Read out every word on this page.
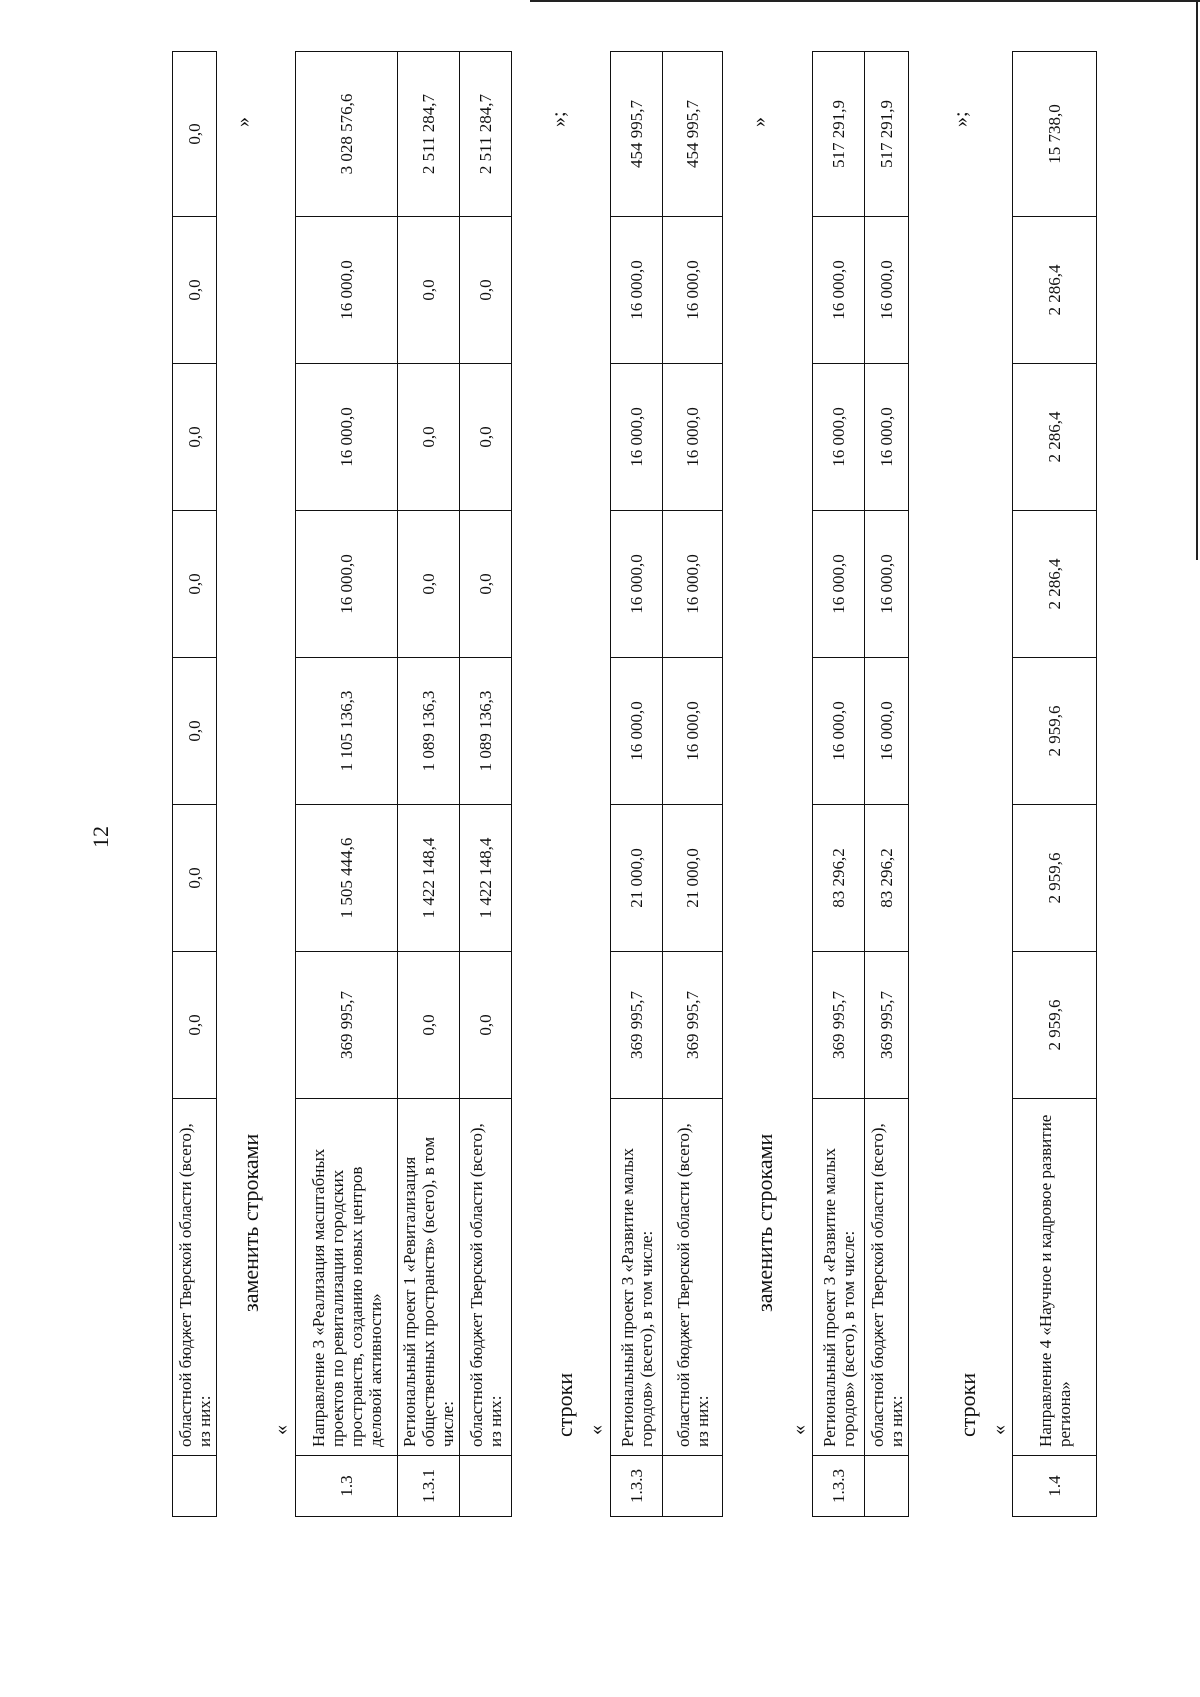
12
	областной бюджет Тверской области (всего), из них:	0,0	0,0	0,0	0,0	0,0	0,0	0,0
»
заменить строками
«
1.3	Направление 3 «Реализация масштабных проектов по ревитализации городских пространств, созданию новых центров деловой активности»	369 995,7	1 505 444,6	1 105 136,3	16 000,0	16 000,0	16 000,0	3 028 576,6
1.3.1	Региональный проект 1 «Ревитализация общественных пространств» (всего), в том числе:	0,0	1 422 148,4	1 089 136,3	0,0	0,0	0,0	2 511 284,7
	областной бюджет Тверской области (всего), из них:	0,0	1 422 148,4	1 089 136,3	0,0	0,0	0,0	2 511 284,7	»;
строки «
1.3.3	Региональный проект 3 «Развитие малых городов» (всего), в том числе:	369 995,7	21 000,0	16 000,0	16 000,0	16 000,0	16 000,0	454 995,7
	областной бюджет Тверской области (всего), из них:	369 995,7	21 000,0	16 000,0	16 000,0	16 000,0	16 000,0	454 995,7 »
заменить строками
«
1.3.3	Региональный проект 3 «Развитие малых городов» (всего), в том числе:	369 995,7	83 296,2	16 000,0	16 000,0	16 000,0	16 000,0	517 291,9
	областной бюджет Тверской области (всего), из них:	369 995,7	83 296,2	16 000,0	16 000,0	16 000,0	16 000,0	517 291,9	»;
строки «
1.4	Направление 4 «Научное и кадровое развитие региона»	2 959,6	2 959,6	2 959,6	2 286,4	2 286,4	2 286,4	15 738,0
